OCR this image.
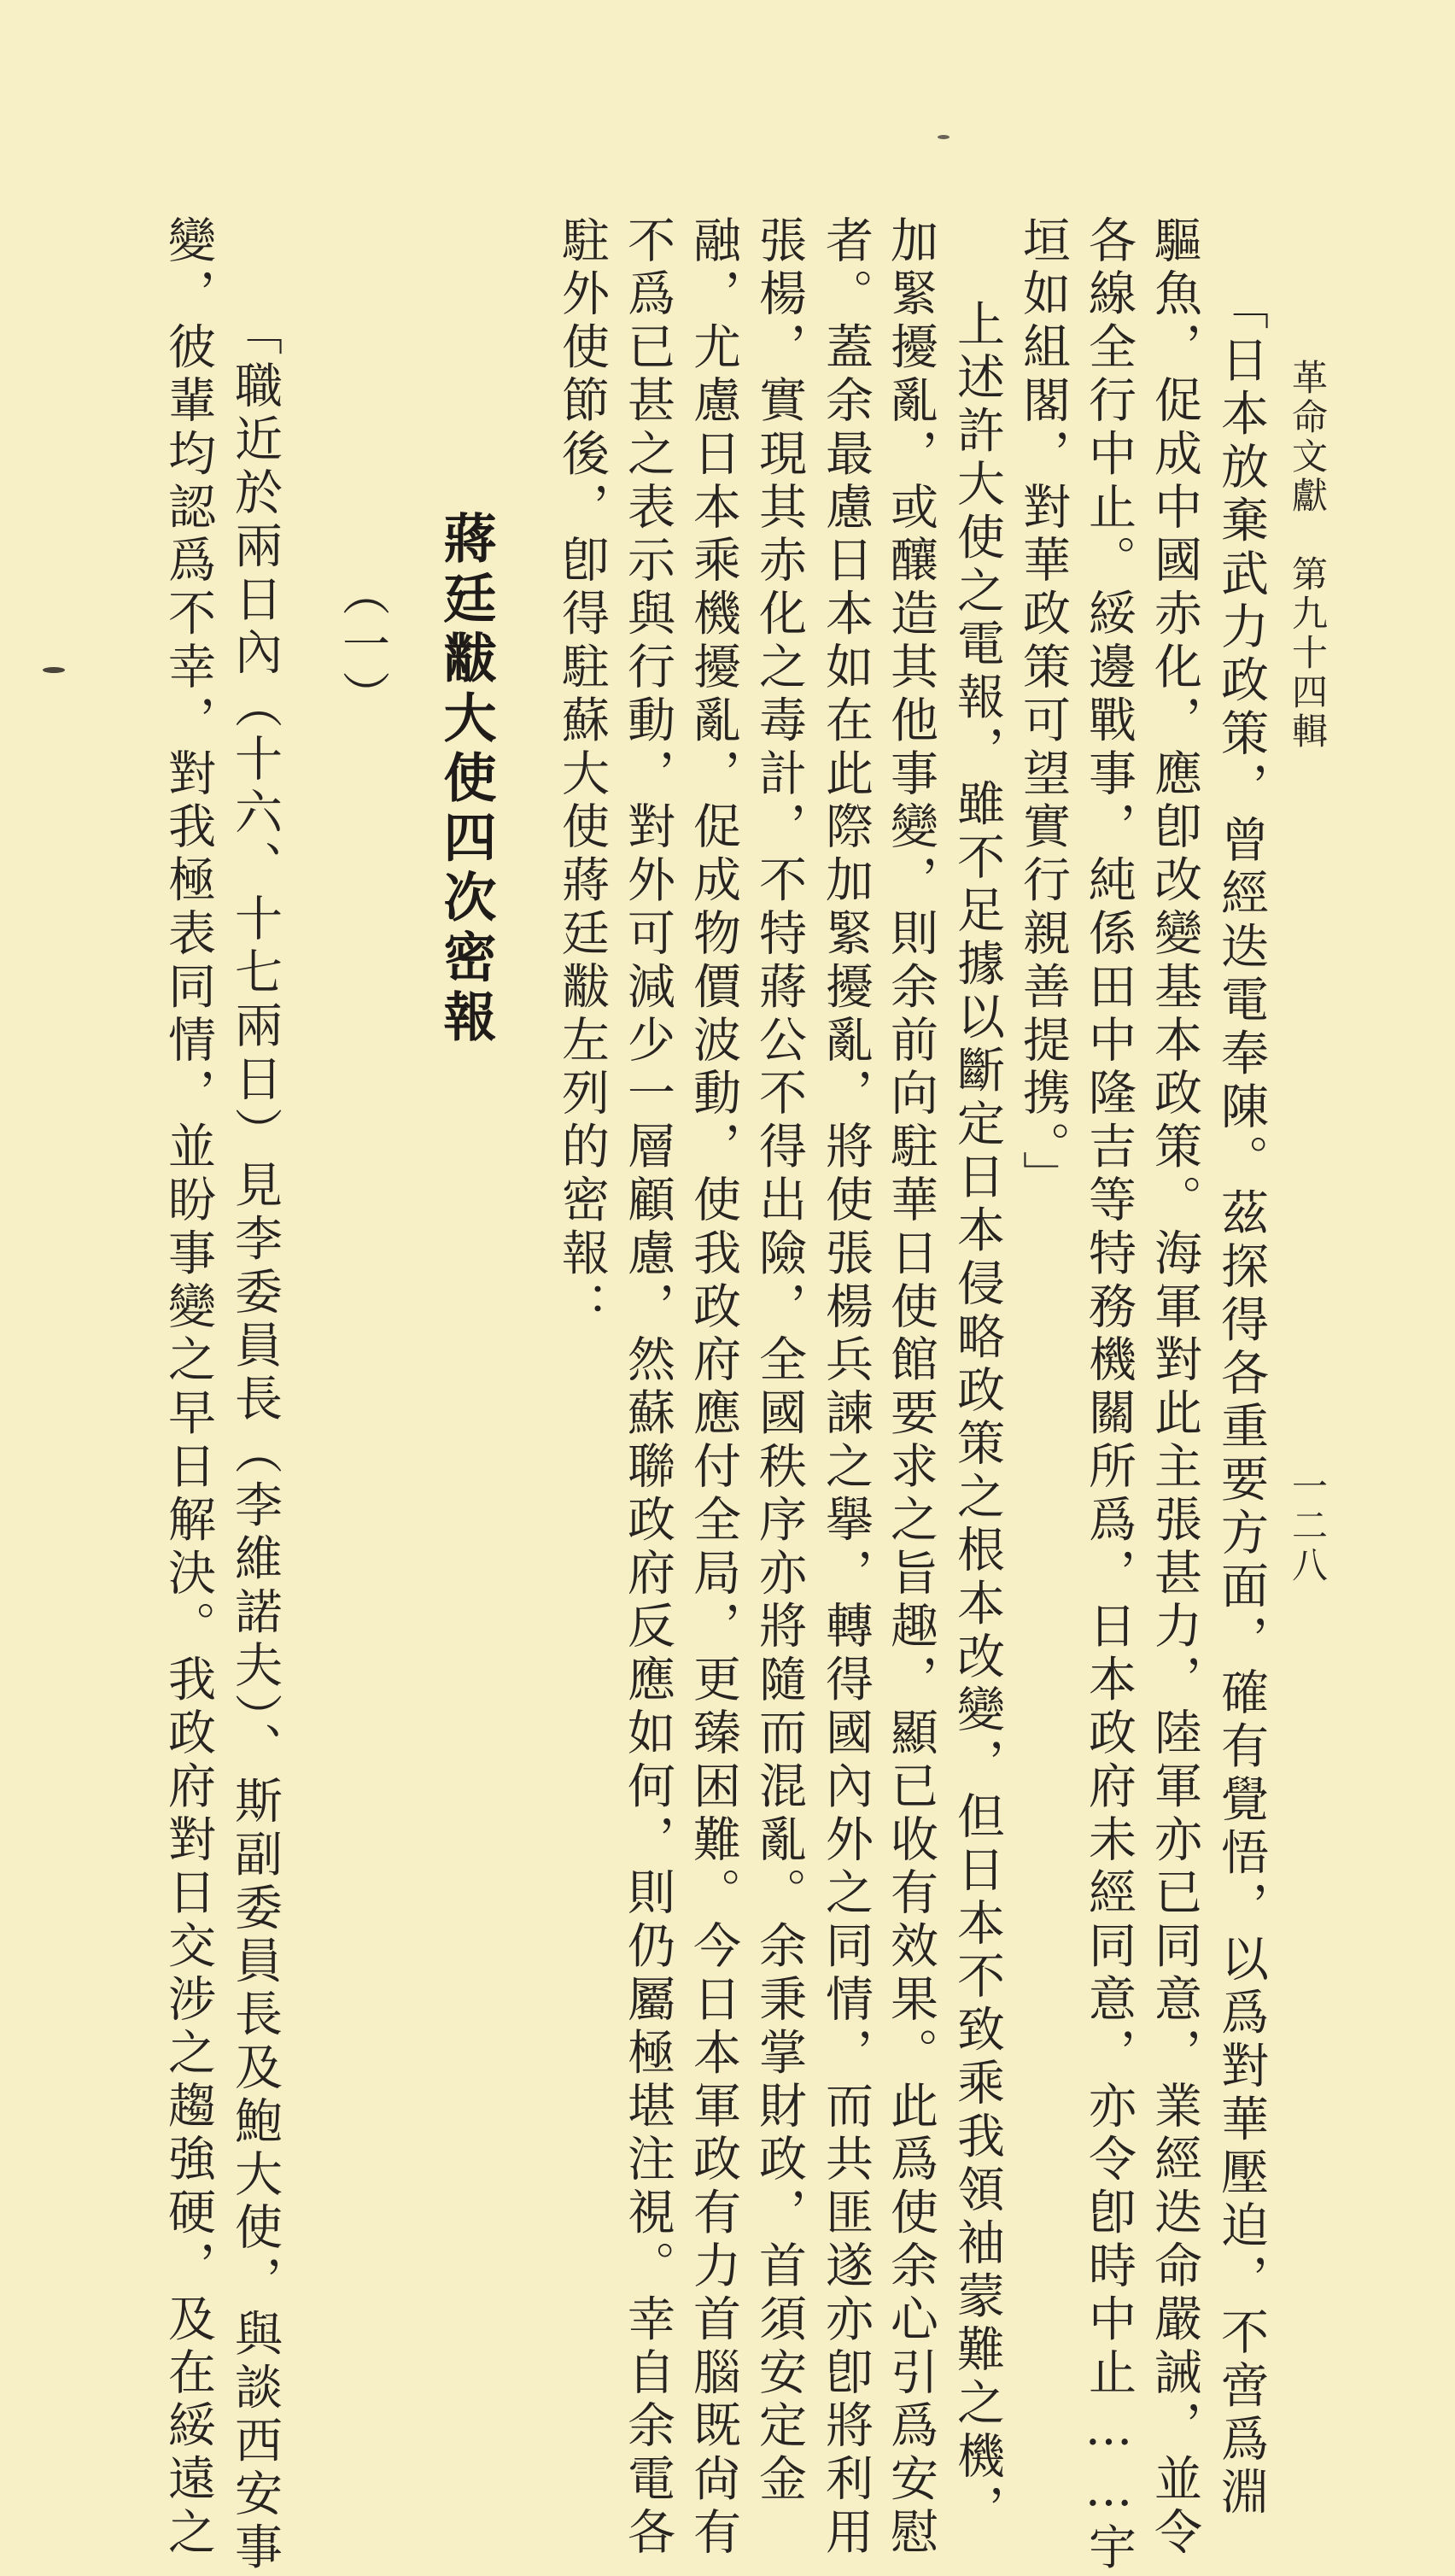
革命文獻　第九十四輯
一二八
「日本放棄武力政策，曾經迭電奉陳。茲探得各重要方面，確有覺悟，以爲對華壓迫，不啻爲淵
驅魚，促成中國赤化，應卽改變基本政策。海軍對此主張甚力，陸軍亦已同意，業經迭命嚴誡，並令
各線全行中止。綏邊戰事，純係田中隆吉等特務機關所爲，日本政府未經同意，亦令卽時中止……宇
垣如組閣，對華政策可望實行親善提携。」
上述許大使之電報，雖不足據以斷定日本侵略政策之根本改變，但日本不致乘我領袖蒙難之機，
加緊擾亂，或釀造其他事變，則余前向駐華日使館要求之旨趣，顯已收有效果。此爲使余心引爲安慰
者。蓋余最慮日本如在此際加緊擾亂，將使張楊兵諫之擧，轉得國內外之同情，而共匪遂亦卽將利用
張楊，實現其赤化之毒計，不特蔣公不得出險，全國秩序亦將隨而混亂。余秉掌財政，首須安定金
融，尤慮日本乘機擾亂，促成物價波動，使我政府應付全局，更臻困難。今日本軍政有力首腦既尙有
不爲已甚之表示與行動，對外可減少一層顧慮，然蘇聯政府反應如何，則仍屬極堪注視。幸自余電各
駐外使節後，卽得駐蘇大使蔣廷黻左列的密報：
蔣廷黻大使四次密報
（一）
「職近於兩日內（十六、十七兩日）見李委員長（李維諾夫）、斯副委員長及鮑大使，與談西安事
變，彼輩均認爲不幸，對我極表同情，並盼事變之早日解決。我政府對日交涉之趨強硬，及在綏遠之
